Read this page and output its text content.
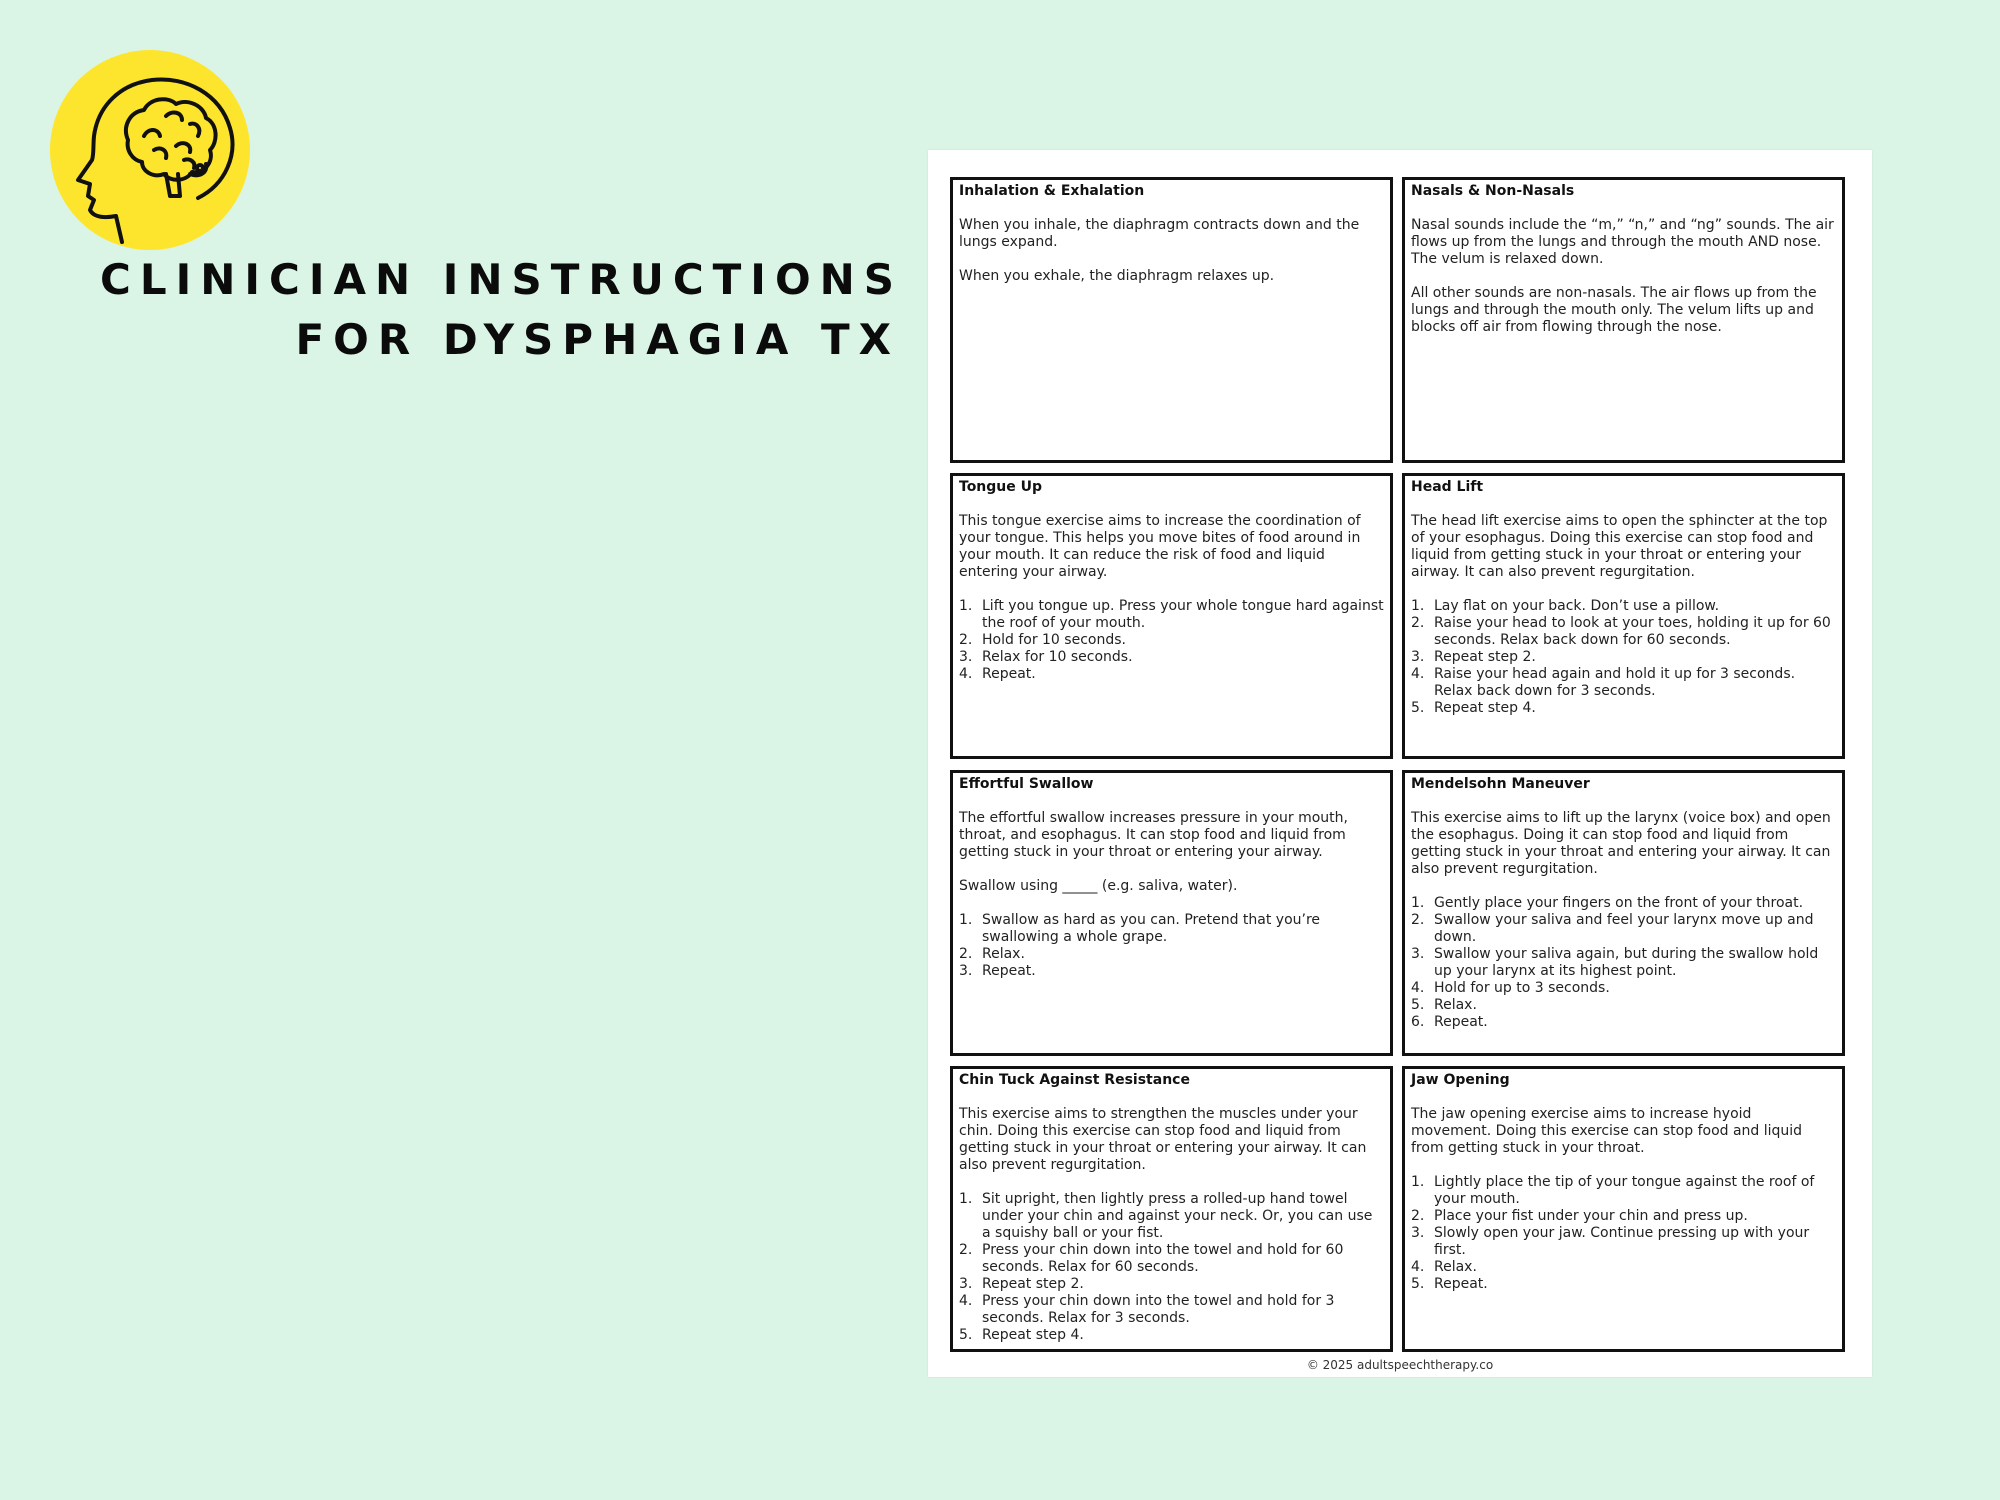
CLINICIAN INSTRUCTIONS
FOR DYSPHAGIA TX
Inhalation & Exhalation

When you inhale, the diaphragm contracts down and the lungs expand.

When you exhale, the diaphragm relaxes up.

Nasals & Non-Nasals

Nasal sounds include the “m,” “n,” and “ng” sounds. The air flows up from the lungs and through the mouth AND nose. The velum is relaxed down.

All other sounds are non-nasals. The air flows up from the lungs and through the mouth only. The velum lifts up and blocks off air from flowing through the nose.

Tongue Up

This tongue exercise aims to increase the coordination of your tongue. This helps you move bites of food around in your mouth. It can reduce the risk of food and liquid entering your airway.

1. Lift you tongue up. Press your whole tongue hard against the roof of your mouth.
2. Hold for 10 seconds.
3. Relax for 10 seconds.
4. Repeat.
Head Lift

The head lift exercise aims to open the sphincter at the top of your esophagus. Doing this exercise can stop food and liquid from getting stuck in your throat or entering your airway. It can also prevent regurgitation.

1. Lay flat on your back. Don’t use a pillow.
2. Raise your head to look at your toes, holding it up for 60 seconds. Relax back down for 60 seconds.
3. Repeat step 2.
4. Raise your head again and hold it up for 3 seconds. Relax back down for 3 seconds.
5. Repeat step 4.
Effortful Swallow

The effortful swallow increases pressure in your mouth, throat, and esophagus. It can stop food and liquid from getting stuck in your throat or entering your airway.

Swallow using _____ (e.g. saliva, water).

1. Swallow as hard as you can. Pretend that you’re swallowing a whole grape.
2. Relax.
3. Repeat.
Mendelsohn Maneuver

This exercise aims to lift up the larynx (voice box) and open the esophagus. Doing it can stop food and liquid from getting stuck in your throat and entering your airway. It can also prevent regurgitation.

1. Gently place your fingers on the front of your throat.
2. Swallow your saliva and feel your larynx move up and down.
3. Swallow your saliva again, but during the swallow hold up your larynx at its highest point.
4. Hold for up to 3 seconds.
5. Relax.
6. Repeat.
Chin Tuck Against Resistance

This exercise aims to strengthen the muscles under your chin. Doing this exercise can stop food and liquid from getting stuck in your throat or entering your airway. It can also prevent regurgitation.

1. Sit upright, then lightly press a rolled-up hand towel under your chin and against your neck. Or, you can use a squishy ball or your fist.
2. Press your chin down into the towel and hold for 60 seconds. Relax for 60 seconds.
3. Repeat step 2.
4. Press your chin down into the towel and hold for 3 seconds. Relax for 3 seconds.
5. Repeat step 4.
Jaw Opening

The jaw opening exercise aims to increase hyoid movement. Doing this exercise can stop food and liquid from getting stuck in your throat.

1. Lightly place the tip of your tongue against the roof of your mouth.
2. Place your fist under your chin and press up.
3. Slowly open your jaw. Continue pressing up with your first.
4. Relax.
5. Repeat.
© 2025 adultspeechtherapy.co
